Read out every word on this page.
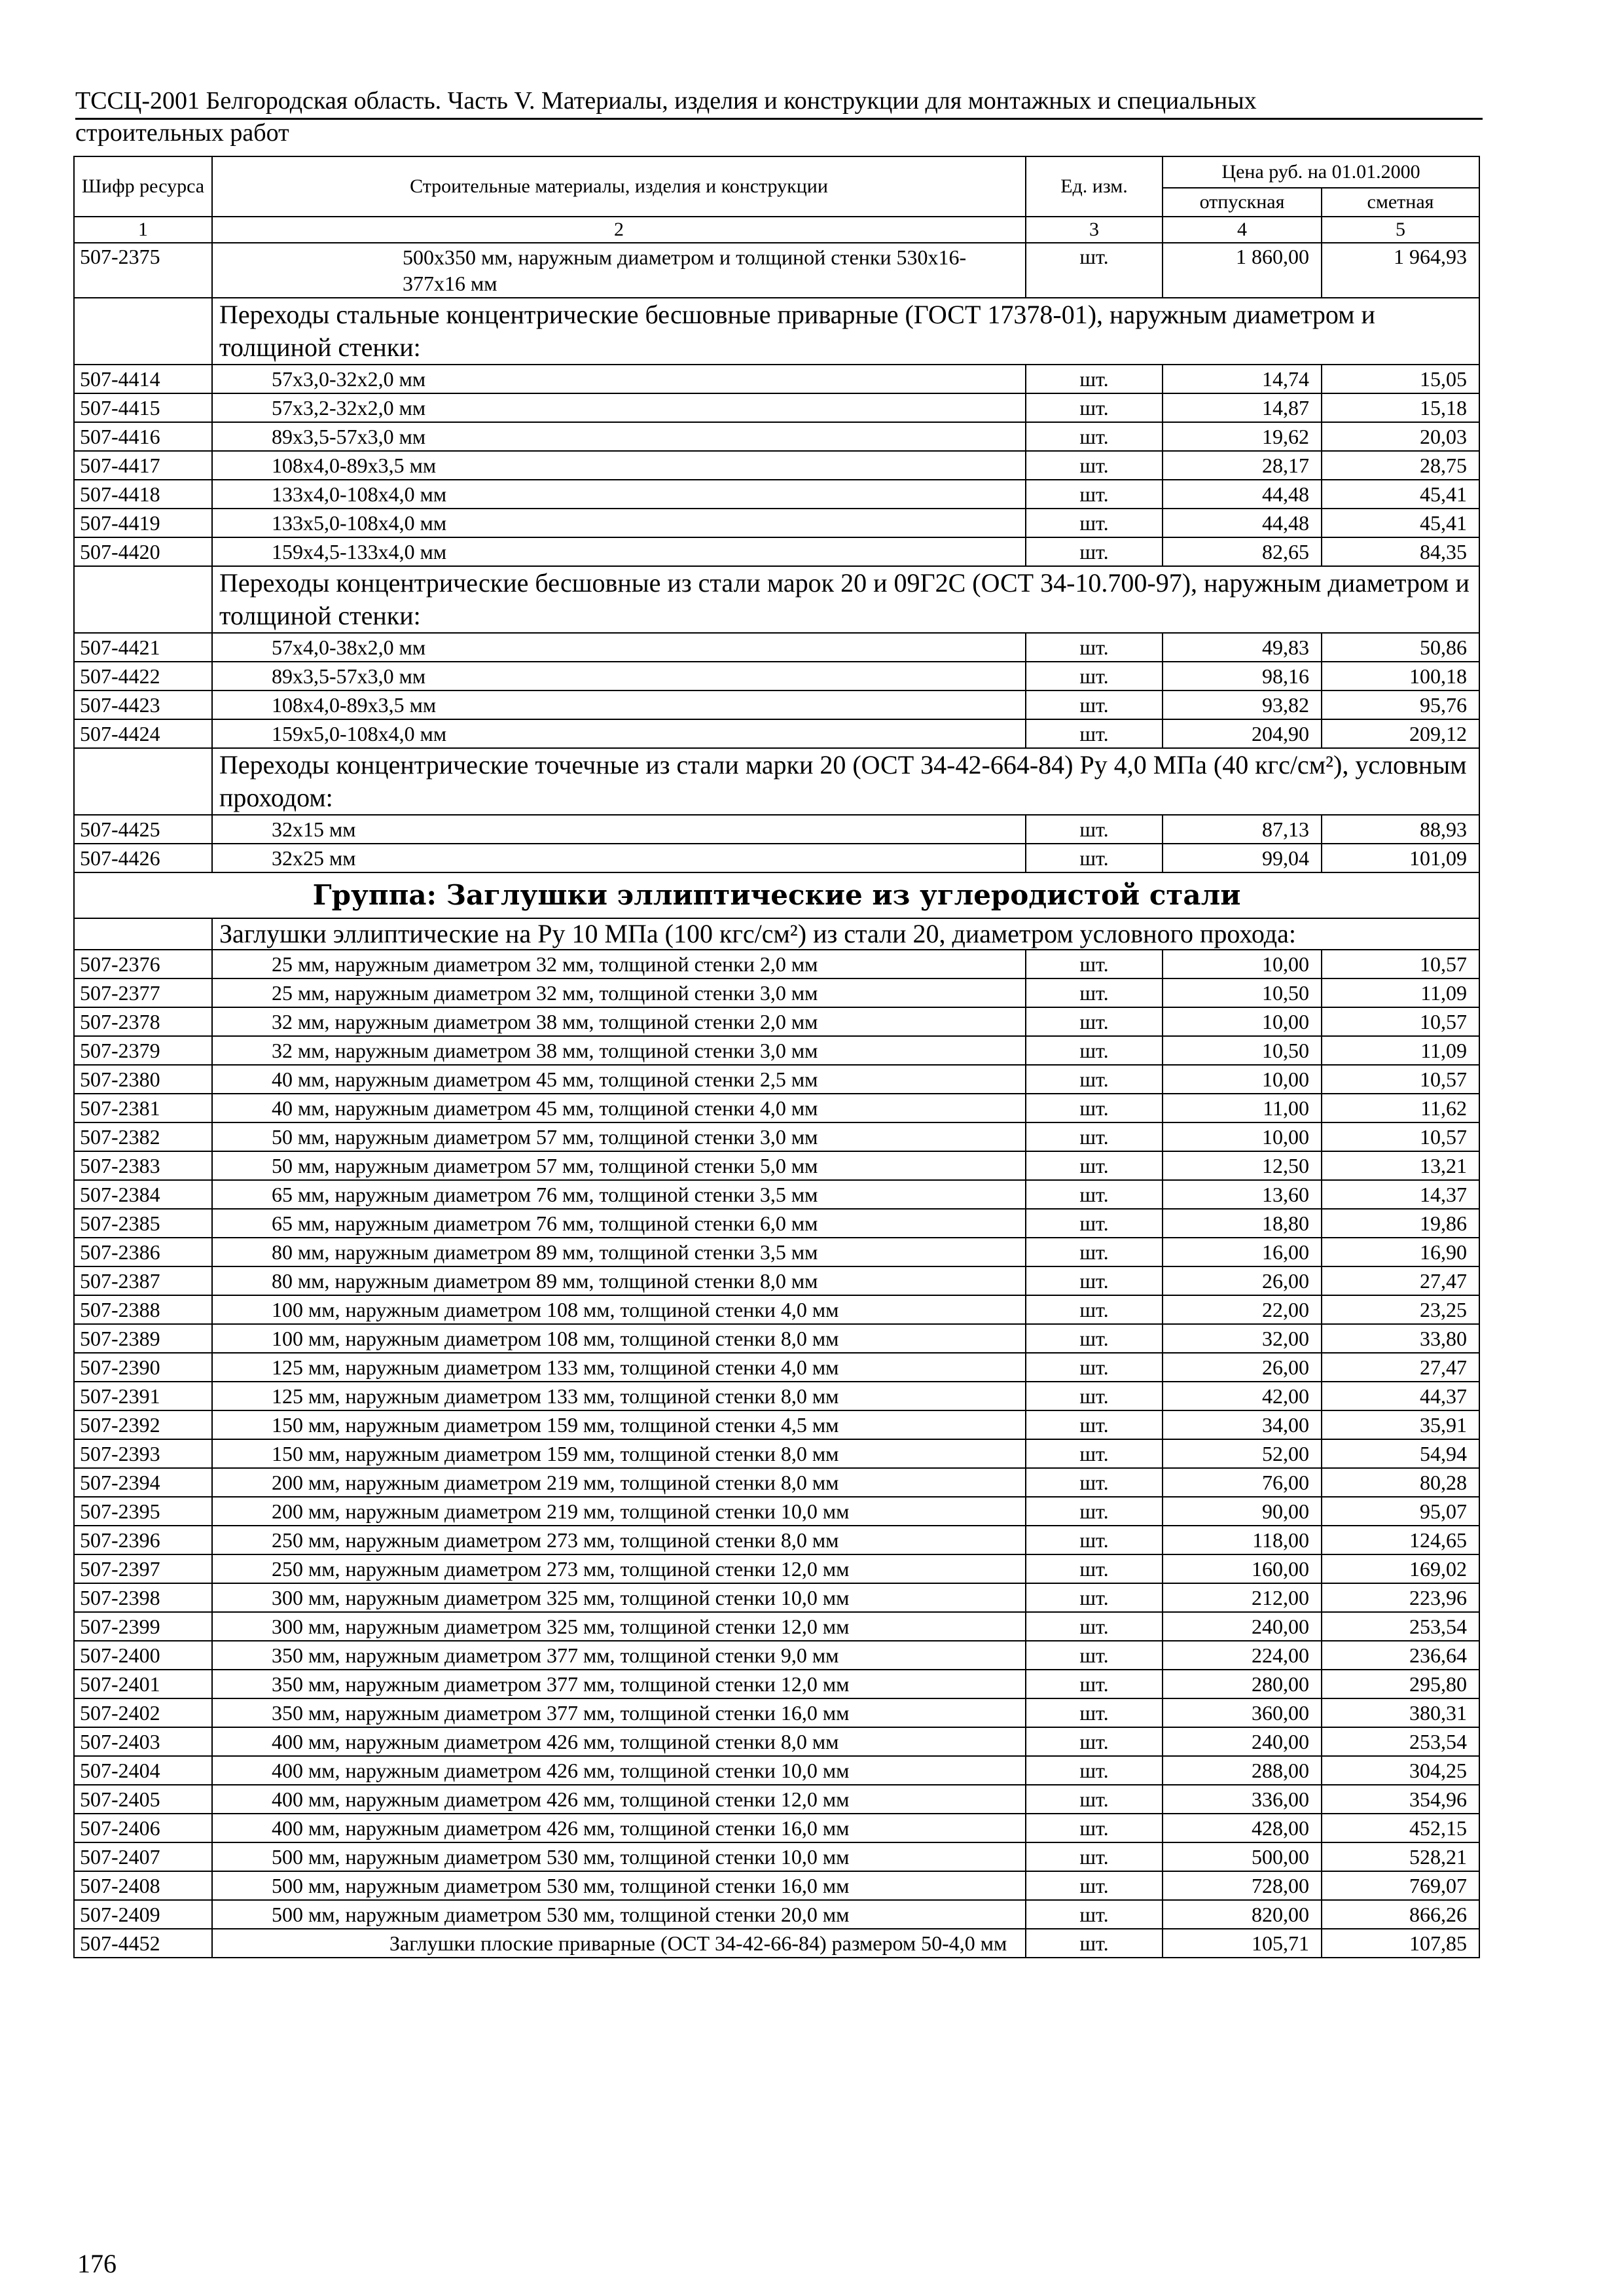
ТССЦ-2001 Белгородская область. Часть V. Материалы, изделия и конструкции для монтажных и специальных
строительных работ
Шифр ресурса	Строительные материалы, изделия и конструкции	Ед. изм.	Цена руб. на 01.01.2000	
			отпускная	сметная
1	2	3	4	5
507-2375	500х350 мм, наружным диаметром и толщиной стенки 530х16-377х16 мм	шт.	1 860,00	1 964,93
	Переходы стальные концентрические бесшовные приварные (ГОСТ 17378-01), наружным диаметром и толщиной стенки:			
507-4414	57х3,0-32х2,0 мм	шт.	14,74	15,05
507-4415	57х3,2-32х2,0 мм	шт.	14,87	15,18
507-4416	89х3,5-57х3,0 мм	шт.	19,62	20,03
507-4417	108х4,0-89х3,5 мм	шт.	28,17	28,75
507-4418	133х4,0-108х4,0 мм	шт.	44,48	45,41
507-4419	133х5,0-108х4,0 мм	шт.	44,48	45,41
507-4420	159х4,5-133х4,0 мм	шт.	82,65	84,35
	Переходы концентрические бесшовные из стали марок 20 и 09Г2С (ОСТ 34-10.700-97), наружным диаметром и толщиной стенки:			
507-4421	57х4,0-38х2,0 мм	шт.	49,83	50,86
507-4422	89х3,5-57х3,0 мм	шт.	98,16	100,18
507-4423	108х4,0-89х3,5 мм	шт.	93,82	95,76
507-4424	159х5,0-108х4,0 мм	шт.	204,90	209,12
	Переходы концентрические точечные из стали марки 20 (ОСТ 34-42-664-84) Ру 4,0 МПа (40 кгс/см²), условным проходом:			
507-4425	32х15 мм	шт.	87,13	88,93
507-4426	32х25 мм	шт.	99,04	101,09
Группа: Заглушки эллиптические из углеродистой стали				
	Заглушки эллиптические на Ру 10 МПа (100 кгс/см²) из стали 20, диаметром условного прохода:			
507-2376	25 мм, наружным диаметром 32 мм, толщиной стенки 2,0 мм	шт.	10,00	10,57
507-2377	25 мм, наружным диаметром 32 мм, толщиной стенки 3,0 мм	шт.	10,50	11,09
507-2378	32 мм, наружным диаметром 38 мм, толщиной стенки 2,0 мм	шт.	10,00	10,57
507-2379	32 мм, наружным диаметром 38 мм, толщиной стенки 3,0 мм	шт.	10,50	11,09
507-2380	40 мм, наружным диаметром 45 мм, толщиной стенки 2,5 мм	шт.	10,00	10,57
507-2381	40 мм, наружным диаметром 45 мм, толщиной стенки 4,0 мм	шт.	11,00	11,62
507-2382	50 мм, наружным диаметром 57 мм, толщиной стенки 3,0 мм	шт.	10,00	10,57
507-2383	50 мм, наружным диаметром 57 мм, толщиной стенки 5,0 мм	шт.	12,50	13,21
507-2384	65 мм, наружным диаметром 76 мм, толщиной стенки 3,5 мм	шт.	13,60	14,37
507-2385	65 мм, наружным диаметром 76 мм, толщиной стенки 6,0 мм	шт.	18,80	19,86
507-2386	80 мм, наружным диаметром 89 мм, толщиной стенки 3,5 мм	шт.	16,00	16,90
507-2387	80 мм, наружным диаметром 89 мм, толщиной стенки 8,0 мм	шт.	26,00	27,47
507-2388	100 мм, наружным диаметром 108 мм, толщиной стенки 4,0 мм	шт.	22,00	23,25
507-2389	100 мм, наружным диаметром 108 мм, толщиной стенки 8,0 мм	шт.	32,00	33,80
507-2390	125 мм, наружным диаметром 133 мм, толщиной стенки 4,0 мм	шт.	26,00	27,47
507-2391	125 мм, наружным диаметром 133 мм, толщиной стенки 8,0 мм	шт.	42,00	44,37
507-2392	150 мм, наружным диаметром 159 мм, толщиной стенки 4,5 мм	шт.	34,00	35,91
507-2393	150 мм, наружным диаметром 159 мм, толщиной стенки 8,0 мм	шт.	52,00	54,94
507-2394	200 мм, наружным диаметром 219 мм, толщиной стенки 8,0 мм	шт.	76,00	80,28
507-2395	200 мм, наружным диаметром 219 мм, толщиной стенки 10,0 мм	шт.	90,00	95,07
507-2396	250 мм, наружным диаметром 273 мм, толщиной стенки 8,0 мм	шт.	118,00	124,65
507-2397	250 мм, наружным диаметром 273 мм, толщиной стенки 12,0 мм	шт.	160,00	169,02
507-2398	300 мм, наружным диаметром 325 мм, толщиной стенки 10,0 мм	шт.	212,00	223,96
507-2399	300 мм, наружным диаметром 325 мм, толщиной стенки 12,0 мм	шт.	240,00	253,54
507-2400	350 мм, наружным диаметром 377 мм, толщиной стенки 9,0 мм	шт.	224,00	236,64
507-2401	350 мм, наружным диаметром 377 мм, толщиной стенки 12,0 мм	шт.	280,00	295,80
507-2402	350 мм, наружным диаметром 377 мм, толщиной стенки 16,0 мм	шт.	360,00	380,31
507-2403	400 мм, наружным диаметром 426 мм, толщиной стенки 8,0 мм	шт.	240,00	253,54
507-2404	400 мм, наружным диаметром 426 мм, толщиной стенки 10,0 мм	шт.	288,00	304,25
507-2405	400 мм, наружным диаметром 426 мм, толщиной стенки 12,0 мм	шт.	336,00	354,96
507-2406	400 мм, наружным диаметром 426 мм, толщиной стенки 16,0 мм	шт.	428,00	452,15
507-2407	500 мм, наружным диаметром 530 мм, толщиной стенки 10,0 мм	шт.	500,00	528,21
507-2408	500 мм, наружным диаметром 530 мм, толщиной стенки 16,0 мм	шт.	728,00	769,07
507-2409	500 мм, наружным диаметром 530 мм, толщиной стенки 20,0 мм	шт.	820,00	866,26
507-4452	Заглушки плоские приварные (ОСТ 34-42-66-84) размером 50-4,0 мм	шт.	105,71	107,85
176
